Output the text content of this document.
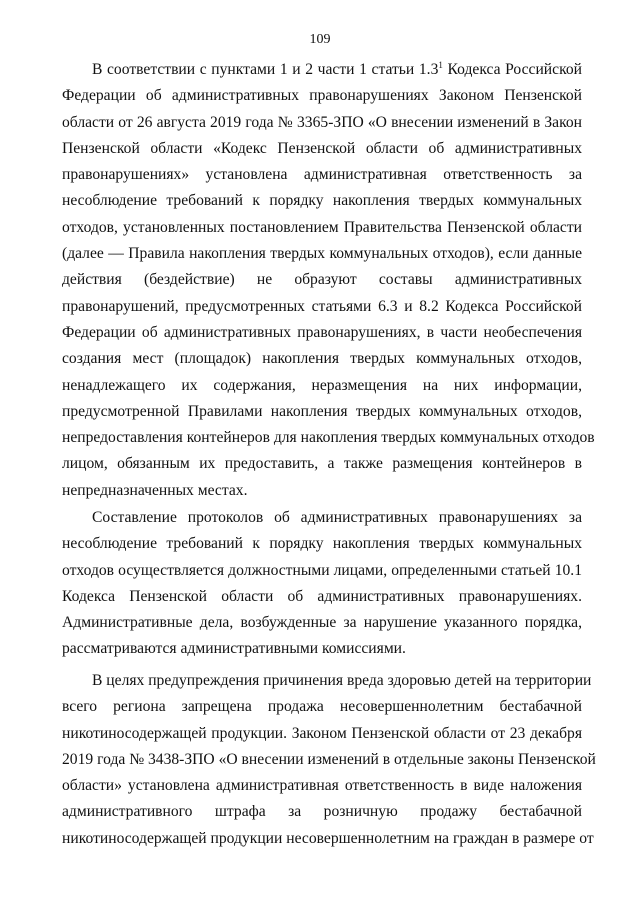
109
В соответствии с пунктами 1 и 2 части 1 статьи $1.3^1$ Кодекса Российской
Федерации об административных правонарушениях Законом Пензенской
области от 26 августа 2019 года № 3365-ЗПО «О внесении изменений в Закон
Пензенской области «Кодекс Пензенской области об административных
правонарушениях» установлена административная ответственность за
несоблюдение требований к порядку накопления твердых коммунальных
отходов, установленных постановлением Правительства Пензенской области
(далее — Правила накопления твердых коммунальных отходов), если данные
действия (бездействие) не образуют составы административных
правонарушений, предусмотренных статьями 6.3 и 8.2 Кодекса Российской
Федерации об административных правонарушениях, в части необеспечения
создания мест (площадок) накопления твердых коммунальных отходов,
ненадлежащего их содержания, неразмещения на них информации,
предусмотренной Правилами накопления твердых коммунальных отходов,
непредоставления контейнеров для накопления твердых коммунальных отходов
лицом, обязанным их предоставить, а также размещения контейнеров в
непредназначенных местах.
Составление протоколов об административных правонарушениях за
несоблюдение требований к порядку накопления твердых коммунальных
отходов осуществляется должностными лицами, определенными статьей 10.1
Кодекса Пензенской области об административных правонарушениях.
Административные дела, возбужденные за нарушение указанного порядка,
рассматриваются административными комиссиями.
В целях предупреждения причинения вреда здоровью детей на территории
всего региона запрещена продажа несовершеннолетним бестабачной
никотиносодержащей продукции. Законом Пензенской области от 23 декабря
2019 года № 3438-ЗПО «О внесении изменений в отдельные законы Пензенской
области» установлена административная ответственность в виде наложения
административного штрафа за розничную продажу бестабачной
никотиносодержащей продукции несовершеннолетним на граждан в размере от
